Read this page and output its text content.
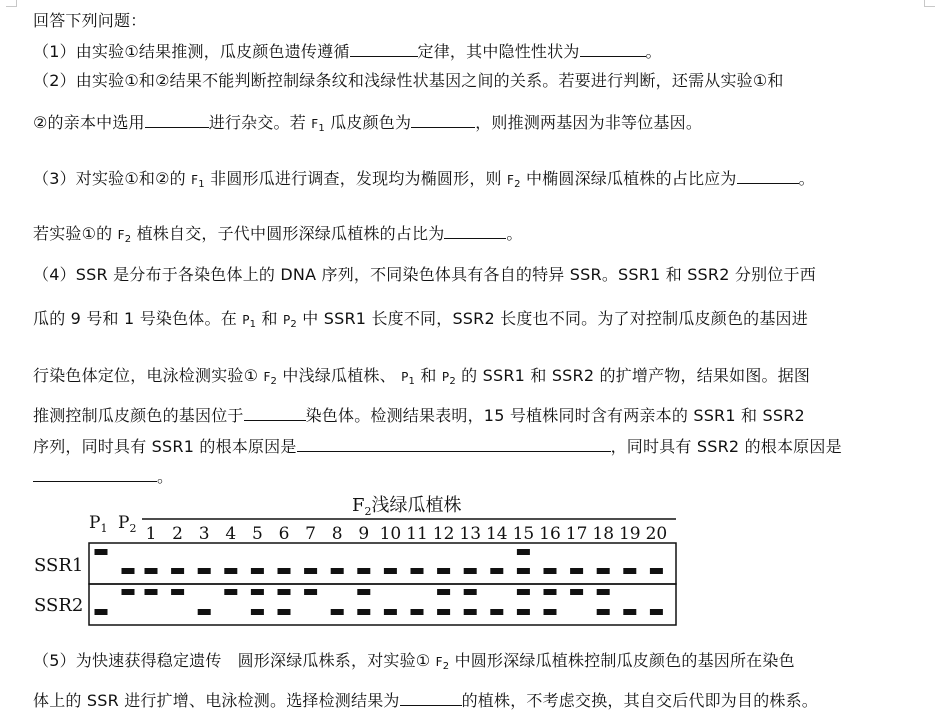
回答下列问题：
（1）由实验①结果推测，瓜皮颜色遗传遵循	定律，其中隐性性状为	。
（2）由实验①和②结果不能判断控制绿条纹和浅绿性状基因之间的关系。若要进行判断，还需从实验①和
②的亲本中选用	进行杂交。若 $F_1$ 瓜皮颜色为	，则推测两基因为非等位基因。
（3）对实验①和②的 $F_1$ 非圆形瓜进行调查，发现均为椭圆形，则 $F_2$ 中椭圆深绿瓜植株的占比应为	。
若实验①的 $F_2$ 植株自交，子代中圆形深绿瓜植株的占比为	。
（4）SSR 是分布于各染色体上的 DNA 序列，不同染色体具有各自的特异 SSR。SSR1 和 SSR2 分别位于西
瓜的 9 号和 1 号染色体。在 $P_1$ 和 $P_2$ 中 SSR1 长度不同，SSR2 长度也不同。为了对控制瓜皮颜色的基因进
行染色体定位，电泳检测实验① $F_2$ 中浅绿瓜植株、 $P_1$ 和 $P_2$ 的 SSR1 和 SSR2 的扩增产物，结果如图。据图
推测控制瓜皮颜色的基因位于	染色体。检测结果表明，15 号植株同时含有两亲本的 SSR1 和 SSR2
序列，同时具有 SSR1 的根本原因是	，同时具有 SSR2 的根本原因是
。
$F_2$浅绿瓜植株
$P_1$ $P_2$ 1 2 3 4 5 6 7 8 9 10 11 12 13 14 15 16 17 18 19 20
SSR1
SSR2
（5）为快速获得稳定遗传 圆形深绿瓜株系，对实验① $F_2$ 中圆形深绿瓜植株控制瓜皮颜色的基因所在染色
体上的 SSR 进行扩增、电泳检测。选择检测结果为	的植株，不考虑交换，其自交后代即为目的株系。
